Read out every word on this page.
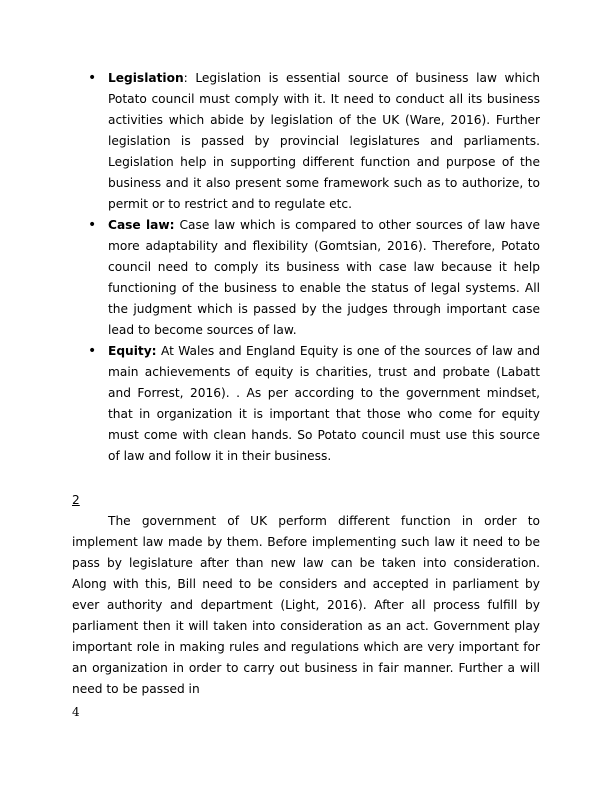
• Legislation: Legislation is essential source of business law which Potato council must comply with it. It need to conduct all its business activities which abide by legislation of the UK (Ware, 2016). Further legislation is passed by provincial legislatures and parliaments. Legislation help in supporting different function and purpose of the business and it also present some framework such as to authorize, to permit or to restrict and to regulate etc.
• Case law: Case law which is compared to other sources of law have more adaptability and flexibility (Gomtsian, 2016). Therefore, Potato council need to comply its business with case law because it help functioning of the business to enable the status of legal systems. All the judgment which is passed by the judges through important case lead to become sources of law.
• Equity: At Wales and England Equity is one of the sources of law and main achievements of equity is charities, trust and probate (Labatt and Forrest, 2016). . As per according to the government mindset, that in organization it is important that those who come for equity must come with clean hands. So Potato council must use this source of law and follow it in their business.
2

The government of UK perform different function in order to implement law made by them. Before implementing such law it need to be pass by legislature after than new law can be taken into consideration. Along with this, Bill need to be considers and accepted in parliament by ever authority and department (Light, 2016). After all process fulfill by parliament then it will taken into consideration as an act. Government play important role in making rules and regulations which are very important for an organization in order to carry out business in fair manner. Further a will need to be passed in

4
